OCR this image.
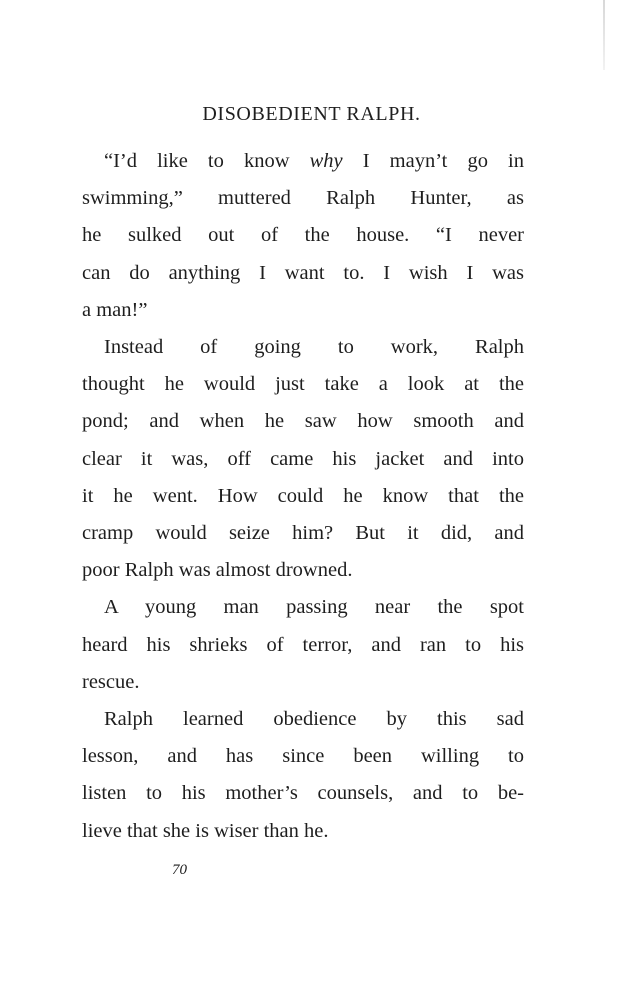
DISOBEDIENT RALPH.
“I’d like to know why I mayn’t go in
swimming,” muttered Ralph Hunter, as
he sulked out of the house. “I never
can do anything I want to. I wish I was
a man!”
Instead of going to work, Ralph
thought he would just take a look at the
pond; and when he saw how smooth and
clear it was, off came his jacket and into
it he went. How could he know that the
cramp would seize him? But it did, and
poor Ralph was almost drowned.
A young man passing near the spot
heard his shrieks of terror, and ran to his
rescue.
Ralph learned obedience by this sad
lesson, and has since been willing to
listen to his mother’s counsels, and to be-
lieve that she is wiser than he.
70
